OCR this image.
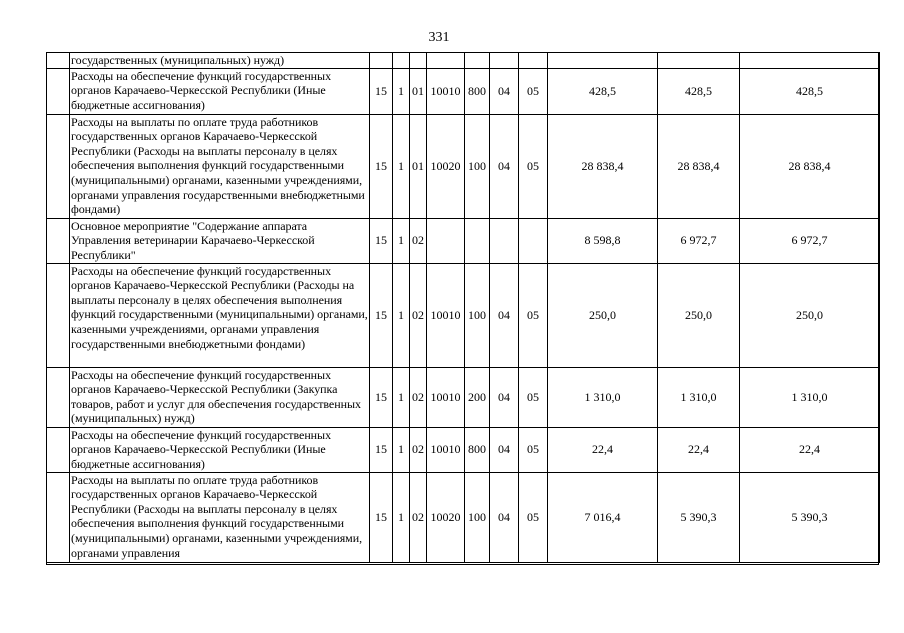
331
	государственных (муниципальных) нужд)										
	Расходы на обеспечение функций государственных органов Карачаево-Черкесской Республики (Иные бюджетные ассигнования)	15	1	01	10010	800	04	05	428,5	428,5	428,5
	Расходы на выплаты по оплате труда работников государственных органов Карачаево-Черкесской Республики (Расходы на выплаты персоналу в целях обеспечения выполнения функций государственными (муниципальными) органами, казенными учреждениями, органами управления государственными внебюджетными фондами)	15	1	01	10020	100	04	05	28 838,4	28 838,4	28 838,4
	Основное мероприятие "Содержание аппарата Управления ветеринарии Карачаево-Черкесской Республики"	15	1	02					8 598,8	6 972,7	6 972,7
	Расходы на обеспечение функций государственных органов Карачаево-Черкесской Республики (Расходы на выплаты персоналу в целях обеспечения выполнения функций государственными (муниципальными) органами, казенными учреждениями, органами управления государственными внебюджетными фондами)	15	1	02	10010	100	04	05	250,0	250,0	250,0
	Расходы на обеспечение функций государственных органов Карачаево-Черкесской Республики (Закупка товаров, работ и услуг для обеспечения государственных (муниципальных) нужд)	15	1	02	10010	200	04	05	1 310,0	1 310,0	1 310,0
	Расходы на обеспечение функций государственных органов Карачаево-Черкесской Республики (Иные бюджетные ассигнования)	15	1	02	10010	800	04	05	22,4	22,4	22,4
	Расходы на выплаты по оплате труда работников государственных органов Карачаево-Черкесской Республики (Расходы на выплаты персоналу в целях обеспечения выполнения функций государственными (муниципальными) органами, казенными учреждениями, органами управления	15	1	02	10020	100	04	05	7 016,4	5 390,3	5 390,3
